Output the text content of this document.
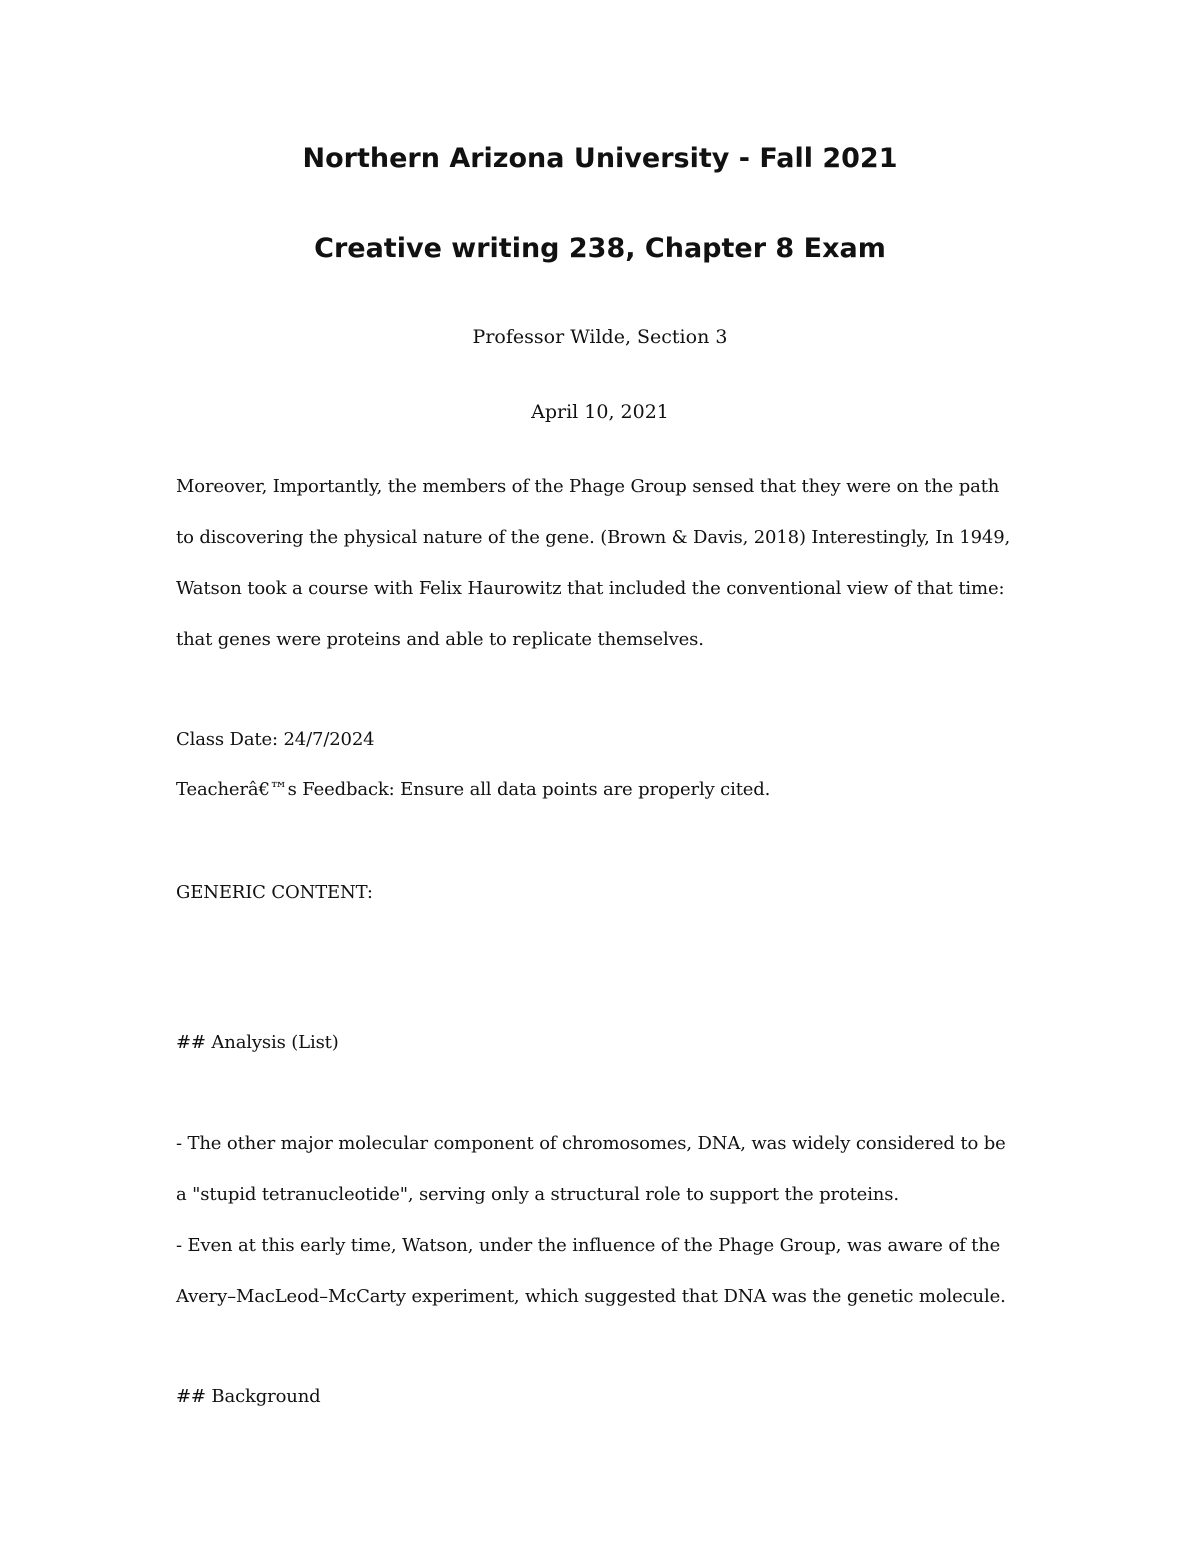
Northern Arizona University - Fall 2021
Creative writing 238, Chapter 8 Exam
Professor Wilde, Section 3
April 10, 2021
Moreover, Importantly, the members of the Phage Group sensed that they were on the path
to discovering the physical nature of the gene. (Brown & Davis, 2018) Interestingly, In 1949,
Watson took a course with Felix Haurowitz that included the conventional view of that time:
that genes were proteins and able to replicate themselves.
Class Date: 24/7/2024
Teacherâ€™s Feedback: Ensure all data points are properly cited.
GENERIC CONTENT:
## Analysis (List)
- The other major molecular component of chromosomes, DNA, was widely considered to be
a "stupid tetranucleotide", serving only a structural role to support the proteins.
- Even at this early time, Watson, under the influence of the Phage Group, was aware of the
Avery–MacLeod–McCarty experiment, which suggested that DNA was the genetic molecule.
## Background
